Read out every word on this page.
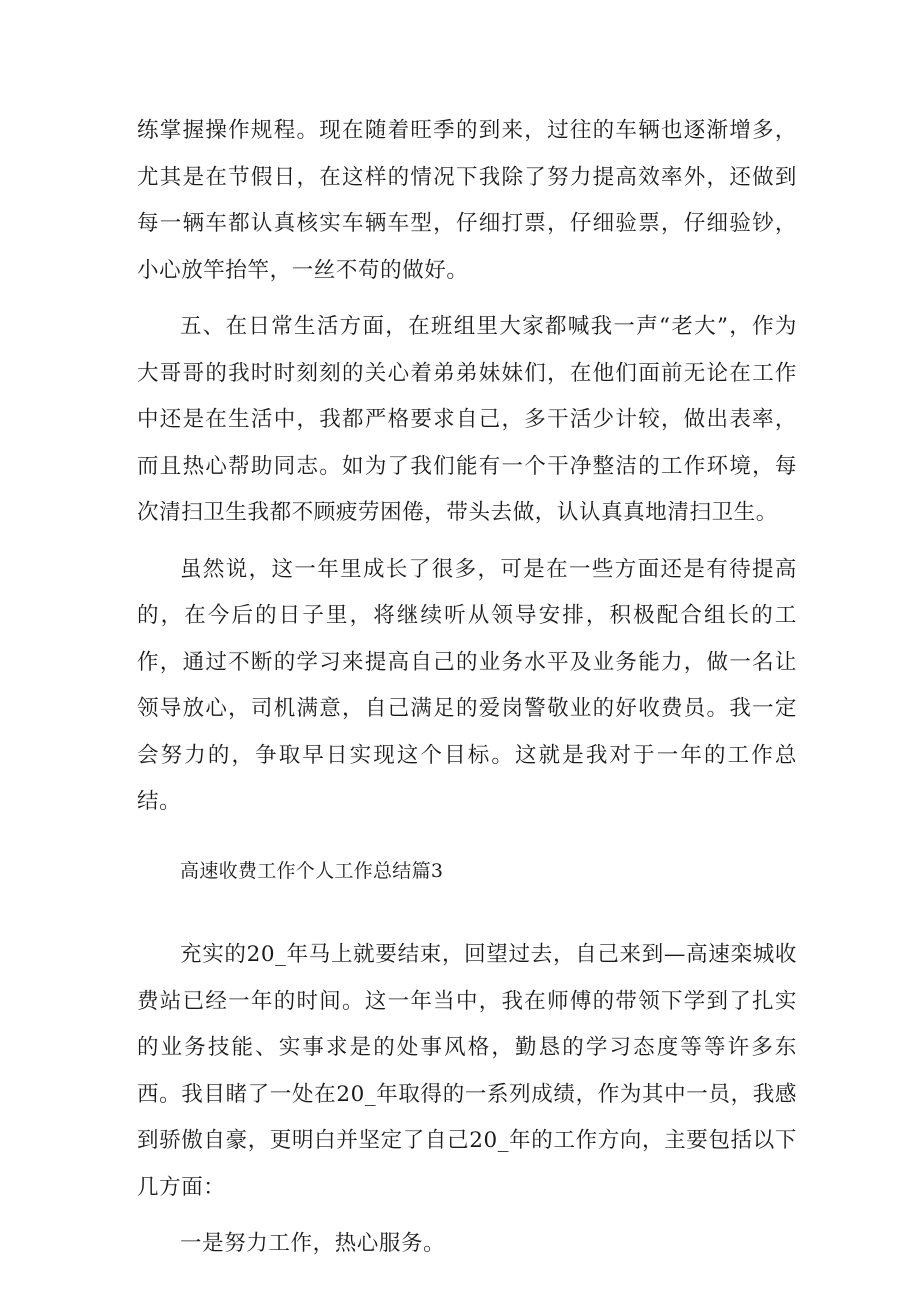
练掌握操作规程。现在随着旺季的到来，过往的车辆也逐渐增多，尤其是在节假日，在这样的情况下我除了努力提高效率外，还做到每一辆车都认真核实车辆车型，仔细打票，仔细验票，仔细验钞，小心放竿抬竿，一丝不苟的做好。

五、在日常生活方面，在班组里大家都喊我一声“老大”，作为大哥哥的我时时刻刻的关心着弟弟妹妹们，在他们面前无论在工作中还是在生活中，我都严格要求自己，多干活少计较，做出表率，而且热心帮助同志。如为了我们能有一个干净整洁的工作环境，每次清扫卫生我都不顾疲劳困倦，带头去做，认认真真地清扫卫生。

虽然说，这一年里成长了很多，可是在一些方面还是有待提高的，在今后的日子里，将继续听从领导安排，积极配合组长的工作，通过不断的学习来提高自己的业务水平及业务能力，做一名让领导放心，司机满意，自己满足的爱岗警敬业的好收费员。我一定会努力的，争取早日实现这个目标。这就是我对于一年的工作总结。

高速收费工作个人工作总结篇3

充实的20_年马上就要结束，回望过去，自己来到—高速栾城收费站已经一年的时间。这一年当中，我在师傅的带领下学到了扎实的业务技能、实事求是的处事风格，勤恳的学习态度等等许多东西。我目睹了一处在20_年取得的一系列成绩，作为其中一员，我感到骄傲自豪，更明白并坚定了自己20_年的工作方向，主要包括以下几方面：

一是努力工作，热心服务。
